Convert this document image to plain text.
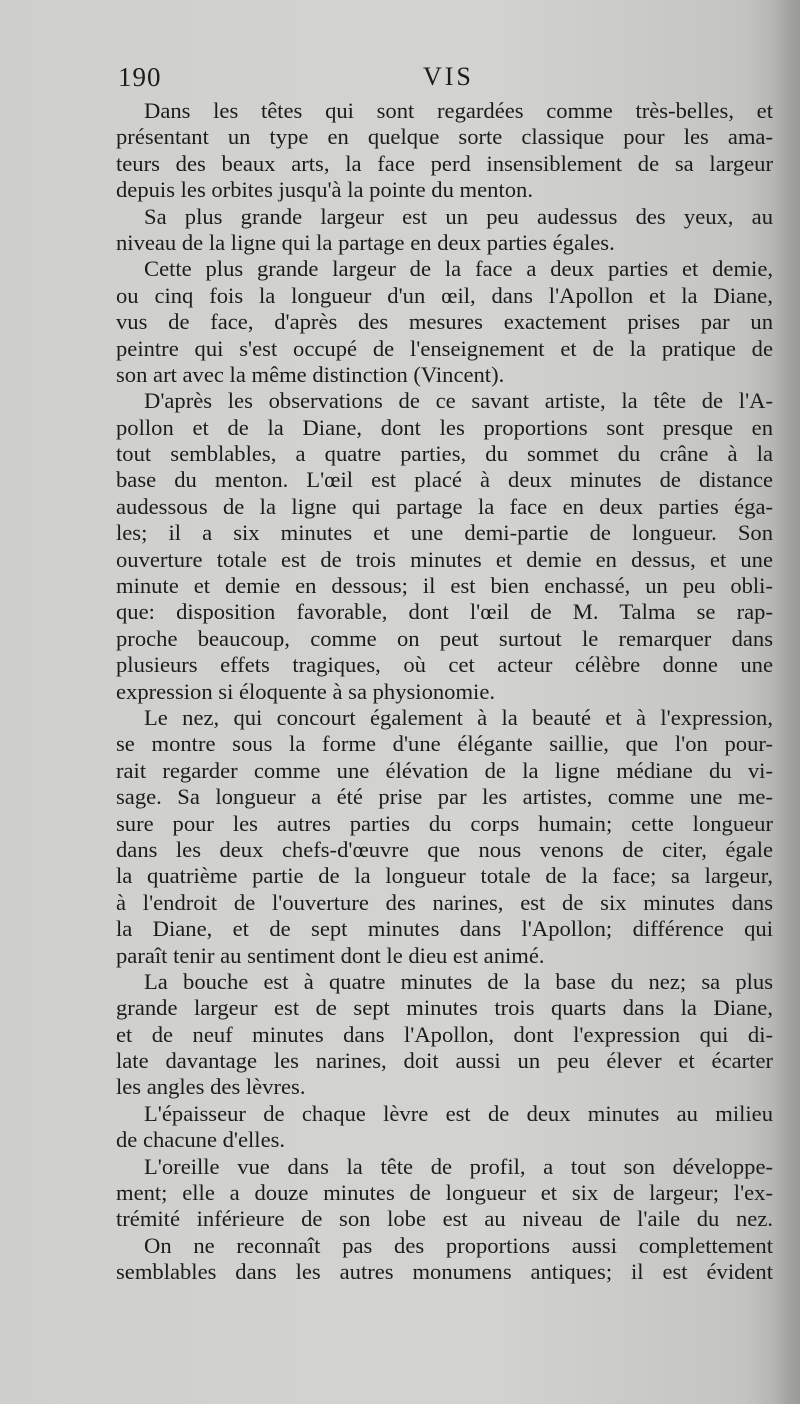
190	VIS
Dans les têtes qui sont regardées comme très-belles, et
présentant un type en quelque sorte classique pour les ama-
teurs des beaux arts, la face perd insensiblement de sa largeur
depuis les orbites jusqu'à la pointe du menton.
Sa plus grande largeur est un peu audessus des yeux, au
niveau de la ligne qui la partage en deux parties égales.
Cette plus grande largeur de la face a deux parties et demie,
ou cinq fois la longueur d'un œil, dans l'Apollon et la Diane,
vus de face, d'après des mesures exactement prises par un
peintre qui s'est occupé de l'enseignement et de la pratique de
son art avec la même distinction (Vincent).
D'après les observations de ce savant artiste, la tête de l'A-
pollon et de la Diane, dont les proportions sont presque en
tout semblables, a quatre parties, du sommet du crâne à la
base du menton. L'œil est placé à deux minutes de distance
audessous de la ligne qui partage la face en deux parties éga-
les; il a six minutes et une demi-partie de longueur. Son
ouverture totale est de trois minutes et demie en dessus, et une
minute et demie en dessous; il est bien enchassé, un peu obli-
que: disposition favorable, dont l'œil de M. Talma se rap-
proche beaucoup, comme on peut surtout le remarquer dans
plusieurs effets tragiques, où cet acteur célèbre donne une
expression si éloquente à sa physionomie.
Le nez, qui concourt également à la beauté et à l'expression,
se montre sous la forme d'une élégante saillie, que l'on pour-
rait regarder comme une élévation de la ligne médiane du vi-
sage. Sa longueur a été prise par les artistes, comme une me-
sure pour les autres parties du corps humain; cette longueur
dans les deux chefs-d'œuvre que nous venons de citer, égale
la quatrième partie de la longueur totale de la face; sa largeur,
à l'endroit de l'ouverture des narines, est de six minutes dans
la Diane, et de sept minutes dans l'Apollon; différence qui
paraît tenir au sentiment dont le dieu est animé.
La bouche est à quatre minutes de la base du nez; sa plus
grande largeur est de sept minutes trois quarts dans la Diane,
et de neuf minutes dans l'Apollon, dont l'expression qui di-
late davantage les narines, doit aussi un peu élever et écarter
les angles des lèvres.
L'épaisseur de chaque lèvre est de deux minutes au milieu
de chacune d'elles.
L'oreille vue dans la tête de profil, a tout son développe-
ment; elle a douze minutes de longueur et six de largeur; l'ex-
trémité inférieure de son lobe est au niveau de l'aile du nez.
On ne reconnaît pas des proportions aussi complettement
semblables dans les autres monumens antiques; il est évident
